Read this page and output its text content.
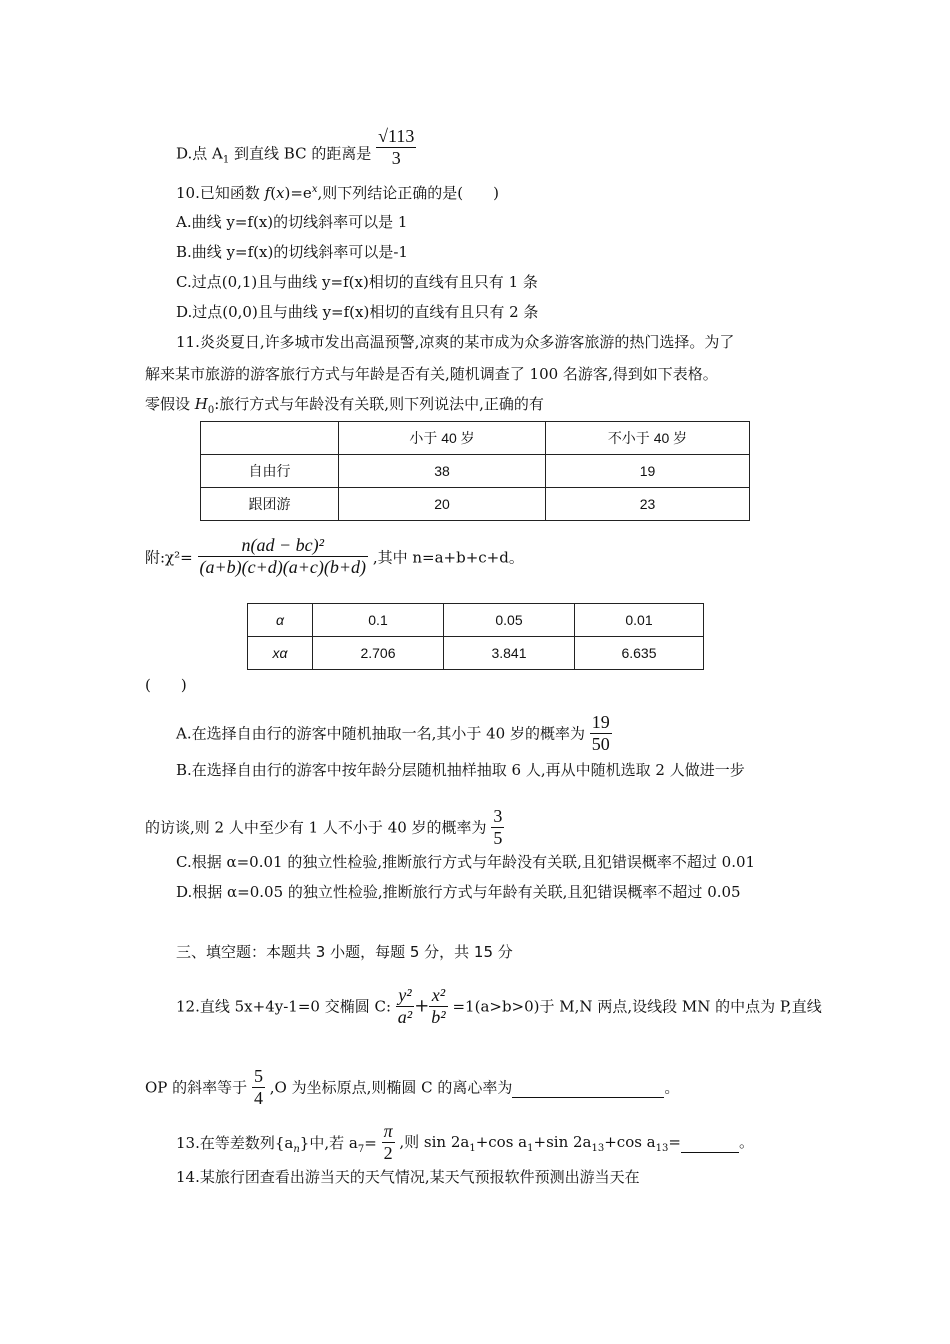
D.点 $A_1$ 到直线 BC 的距离是 $\frac{√113}{3}$
10.已知函数 $f(x)=e^x$,则下列结论正确的是(　　)
A.曲线 y=f(x)的切线斜率可以是 1
B.曲线 y=f(x)的切线斜率可以是-1
C.过点(0,1)且与曲线 y=f(x)相切的直线有且只有 1 条
D.过点(0,0)且与曲线 y=f(x)相切的直线有且只有 2 条
11.炎炎夏日,许多城市发出高温预警,凉爽的某市成为众多游客旅游的热门选择。为了
解来某市旅游的游客旅行方式与年龄是否有关,随机调查了 100 名游客,得到如下表格。
零假设 $H_0$:旅行方式与年龄没有关联,则下列说法中,正确的有
	小于 40 岁	不小于 40 岁
自由行	38	19
跟团游	20	23
附:χ²= $\frac{\text{n(ad − bc)²}}{(a+b)(c+d)(a+c)(b+d)}$ ,其中 n=a+b+c+d。
α	0.1	0.05	0.01
xα	2.706	3.841	6.635
(　　)
A.在选择自由行的游客中随机抽取一名,其小于 40 岁的概率为 $\frac{19}{50}$
B.在选择自由行的游客中按年龄分层随机抽样抽取 6 人,再从中随机选取 2 人做进一步
的访谈,则 2 人中至少有 1 人不小于 40 岁的概率为 $\frac{3}{5}$
C.根据 α=0.01 的独立性检验,推断旅行方式与年龄没有关联,且犯错误概率不超过 0.01
D.根据 α=0.05 的独立性检验,推断旅行方式与年龄有关联,且犯错误概率不超过 0.05
三、填空题：本题共 3 小题，每题 5 分，共 15 分
12.直线 5x+4y-1=0 交椭圆 C: $\frac{\text{y²}}{\text{a²}} + \frac{\text{x²}}{\text{b²}} =1(a>b>0)$于 M,N 两点,设线段 MN 的中点为 P,直线
OP 的斜率等于 $\frac{5}{4} ,O$ 为坐标原点,则椭圆 C 的离心率为	。
13.在等差数列$\{a_n\}$中,若 $a_7= \frac{\pi}{2}$ ,则 $\sin 2a_1+\cos$ $a_1+\sin$ $2a_{13}+\cos$ $a_{13}=$	。
14.某旅行团查看出游当天的天气情况,某天气预报软件预测出游当天在
